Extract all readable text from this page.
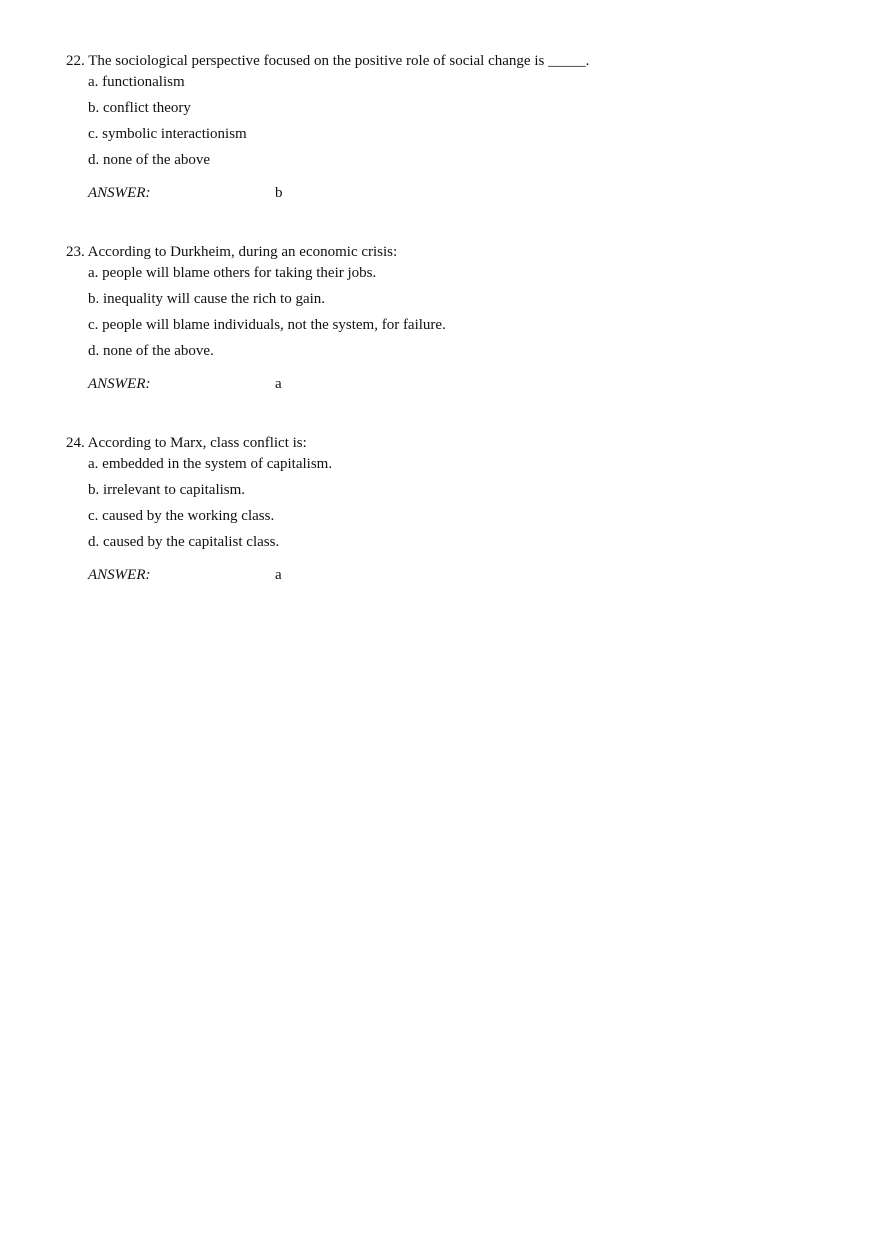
22. The sociological perspective focused on the positive role of social change is _____.
a. functionalism
b. conflict theory
c. symbolic interactionism
d. none of the above
ANSWER:	b
23. According to Durkheim, during an economic crisis:
a. people will blame others for taking their jobs.
b. inequality will cause the rich to gain.
c. people will blame individuals, not the system, for failure.
d. none of the above.
ANSWER:	a
24. According to Marx, class conflict is:
a. embedded in the system of capitalism.
b. irrelevant to capitalism.
c. caused by the working class.
d. caused by the capitalist class.
ANSWER:	a
